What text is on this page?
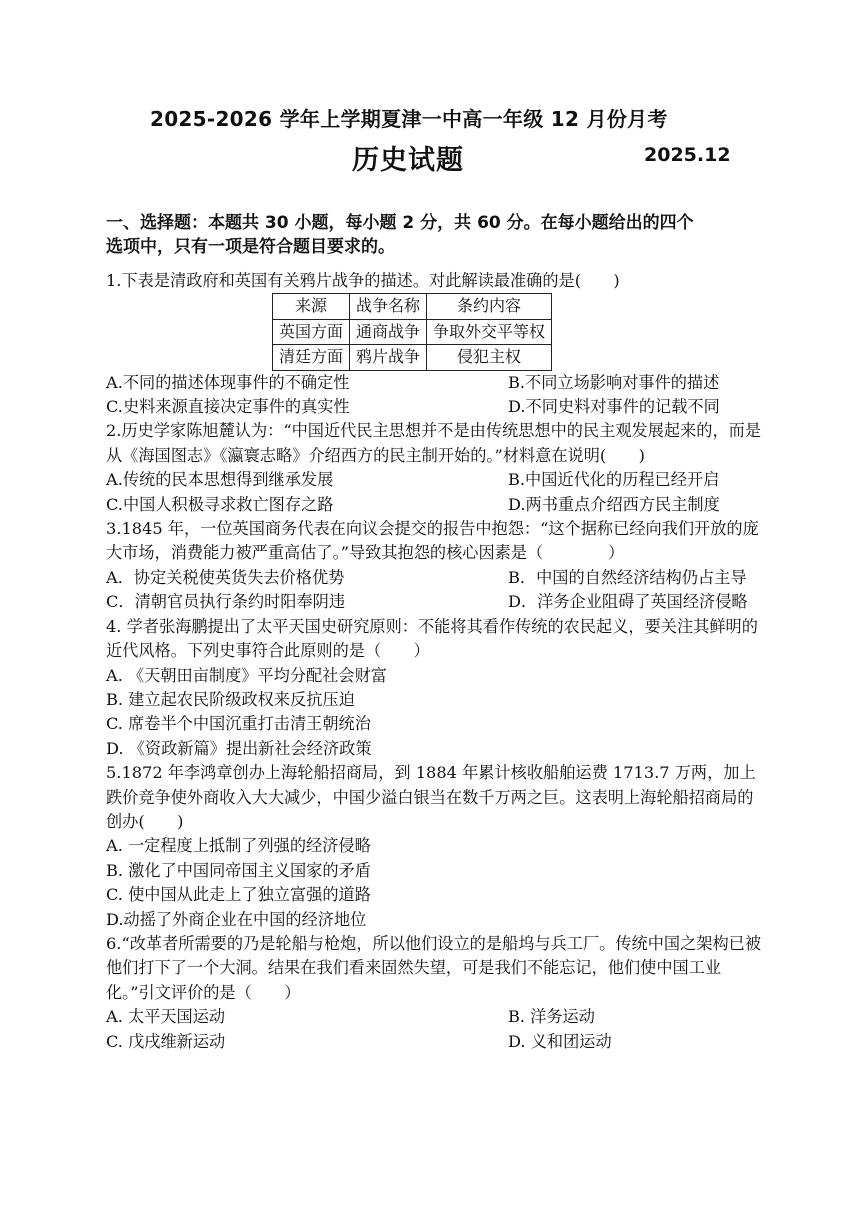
2025-2026 学年上学期夏津一中高一年级 12 月份月考
历史试题	2025.12
一、选择题：本题共 30 小题，每小题 2 分，共 60 分。在每小题给出的四个
选项中，只有一项是符合题目要求的。

1.下表是清政府和英国有关鸦片战争的描述。对此解读最准确的是(　　)

来源	战争名称	条约内容
英国方面	通商战争	争取外交平等权
清廷方面	鸦片战争	侵犯主权
A.不同的描述体现事件的不确定性	B.不同立场影响对事件的描述
C.史料来源直接决定事件的真实性	D.不同史料对事件的记载不同

2.历史学家陈旭麓认为：“中国近代民主思想并不是由传统思想中的民主观发展起来的，而是从《海国图志》《瀛寰志略》介绍西方的民主制开始的。”材料意在说明(　　)

A.传统的民本思想得到继承发展	B.中国近代化的历程已经开启
C.中国人积极寻求救亡图存之路	D.两书重点介绍西方民主制度

3.1845 年，一位英国商务代表在向议会提交的报告中抱怨：“这个据称已经向我们开放的庞大市场，消费能力被严重高估了。”导致其抱怨的核心因素是（　　　　）

A．协定关税使英货失去价格优势	B．中国的自然经济结构仍占主导
C．清朝官员执行条约时阳奉阴违	D．洋务企业阻碍了英国经济侵略

4. 学者张海鹏提出了太平天国史研究原则：不能将其看作传统的农民起义，要关注其鲜明的近代风格。下列史事符合此原则的是（　　）

A. 《天朝田亩制度》平均分配社会财富
B. 建立起农民阶级政权来反抗压迫
C. 席卷半个中国沉重打击清王朝统治
D. 《资政新篇》提出新社会经济政策

5.1872 年李鸿章创办上海轮船招商局，到 1884 年累计核收船舶运费 1713.7 万两，加上跌价竞争使外商收入大大减少，中国少溢白银当在数千万两之巨。这表明上海轮船招商局的创办(　　)

A. 一定程度上抵制了列强的经济侵略
B. 激化了中国同帝国主义国家的矛盾
C. 使中国从此走上了独立富强的道路
D.动摇了外商企业在中国的经济地位

6.“改革者所需要的乃是轮船与枪炮，所以他们设立的是船坞与兵工厂。传统中国之架构已被他们打下了一个大洞。结果在我们看来固然失望，可是我们不能忘记，他们使中国工业化。”引文评价的是（　　）

A. 太平天国运动	B. 洋务运动
C. 戊戌维新运动	D. 义和团运动
